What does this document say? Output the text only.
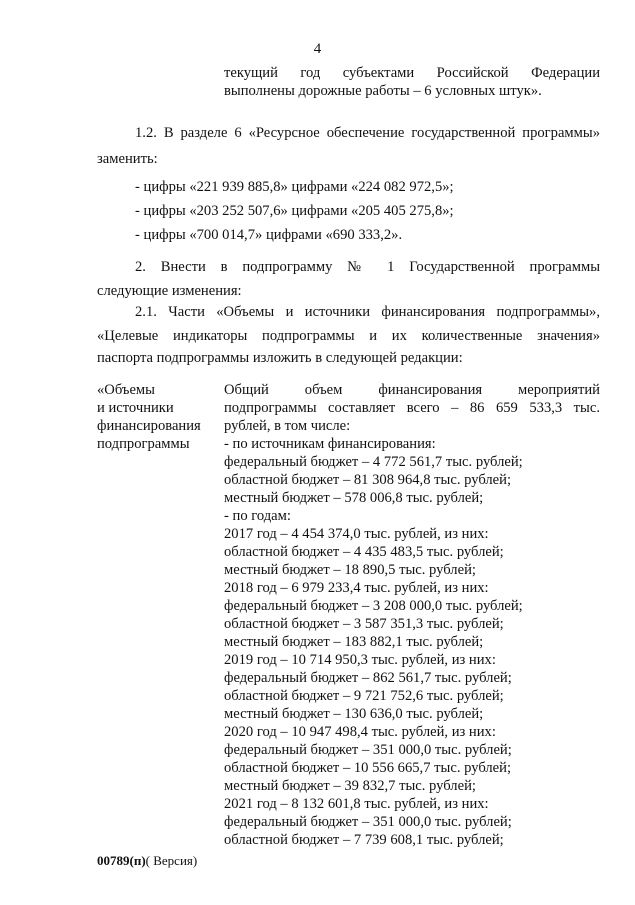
4
текущий год субъектами Российской Федерации
выполнены дорожные работы – 6 условных штук».
1.2. В разделе 6 «Ресурсное обеспечение государственной программы»
заменить:
- цифры «221 939 885,8» цифрами «224 082 972,5»;
- цифры «203 252 507,6» цифрами «205 405 275,8»;
- цифры «700 014,7» цифрами «690 333,2».
2. Внести в подпрограмму № 1 Государственной программы
следующие изменения:
2.1. Части «Объемы и источники финансирования подпрограммы»,
«Целевые индикаторы подпрограммы и их количественные значения»
паспорта подпрограммы изложить в следующей редакции:
«Объемы
и источники
финансирования
подпрограммы
Общий объем финансирования мероприятий
подпрограммы составляет всего – 86 659 533,3 тыс.
рублей, в том числе:
- по источникам финансирования:
федеральный бюджет – 4 772 561,7 тыс. рублей;
областной бюджет – 81 308 964,8 тыс. рублей;
местный бюджет – 578 006,8 тыс. рублей;
- по годам:
2017 год – 4 454 374,0 тыс. рублей, из них:
областной бюджет – 4 435 483,5 тыс. рублей;
местный бюджет – 18 890,5 тыс. рублей;
2018 год – 6 979 233,4 тыс. рублей, из них:
федеральный бюджет – 3 208 000,0 тыс. рублей;
областной бюджет – 3 587 351,3 тыс. рублей;
местный бюджет – 183 882,1 тыс. рублей;
2019 год – 10 714 950,3 тыс. рублей, из них:
федеральный бюджет – 862 561,7 тыс. рублей;
областной бюджет – 9 721 752,6 тыс. рублей;
местный бюджет – 130 636,0 тыс. рублей;
2020 год – 10 947 498,4 тыс. рублей, из них:
федеральный бюджет – 351 000,0 тыс. рублей;
областной бюджет – 10 556 665,7 тыс. рублей;
местный бюджет – 39 832,7 тыс. рублей;
2021 год – 8 132 601,8 тыс. рублей, из них:
федеральный бюджет – 351 000,0 тыс. рублей;
областной бюджет – 7 739 608,1 тыс. рублей;
00789(п)( Версия)
